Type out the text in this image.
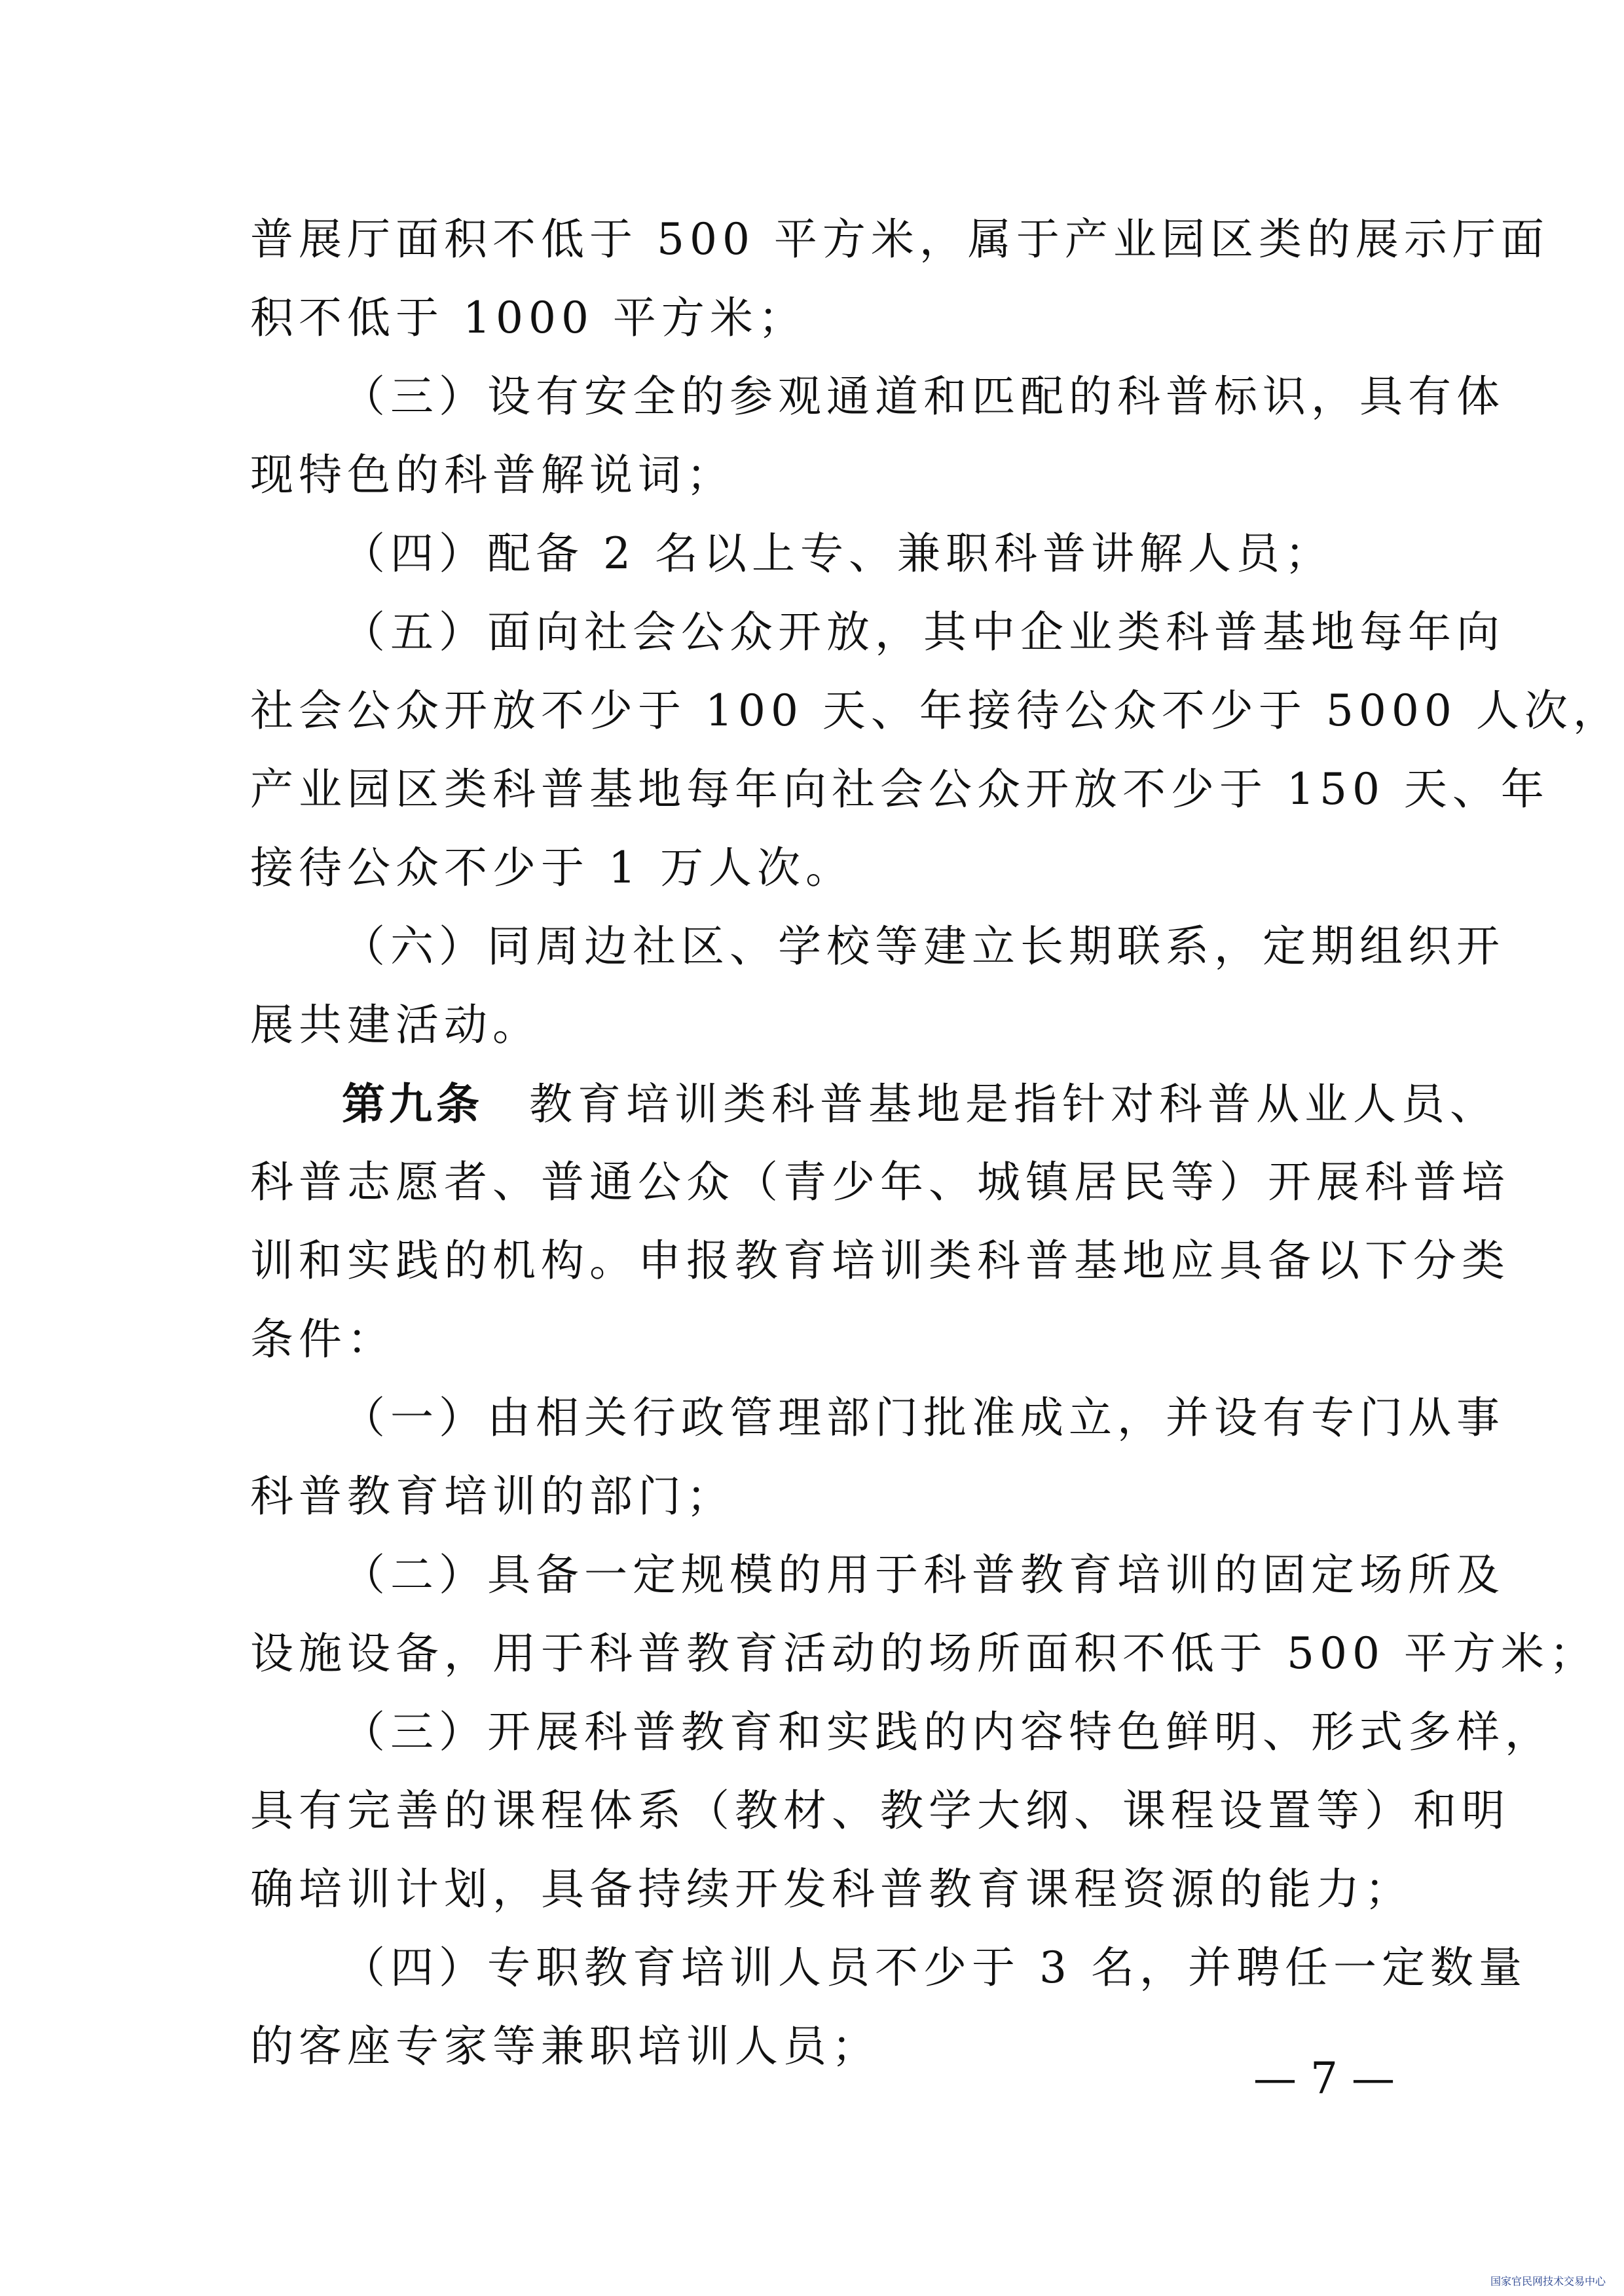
普展厅面积不低于 500 平方米，属于产业园区类的展示厅面
积不低于 1000 平方米；
（三）设有安全的参观通道和匹配的科普标识，具有体
现特色的科普解说词；
（四）配备 2 名以上专、兼职科普讲解人员；
（五）面向社会公众开放，其中企业类科普基地每年向
社会公众开放不少于 100 天、年接待公众不少于 5000 人次，
产业园区类科普基地每年向社会公众开放不少于 150 天、年
接待公众不少于 1 万人次。
（六）同周边社区、学校等建立长期联系，定期组织开
展共建活动。
第九条 教育培训类科普基地是指针对科普从业人员、
科普志愿者、普通公众（青少年、城镇居民等）开展科普培
训和实践的机构。申报教育培训类科普基地应具备以下分类
条件：
（一）由相关行政管理部门批准成立，并设有专门从事
科普教育培训的部门；
（二）具备一定规模的用于科普教育培训的固定场所及
设施设备，用于科普教育活动的场所面积不低于 500 平方米；
（三）开展科普教育和实践的内容特色鲜明、形式多样，
具有完善的课程体系（教材、教学大纲、课程设置等）和明
确培训计划，具备持续开发科普教育课程资源的能力；
（四）专职教育培训人员不少于 3 名，并聘任一定数量
的客座专家等兼职培训人员；
— 7 —
国家官民网技术交易中心
